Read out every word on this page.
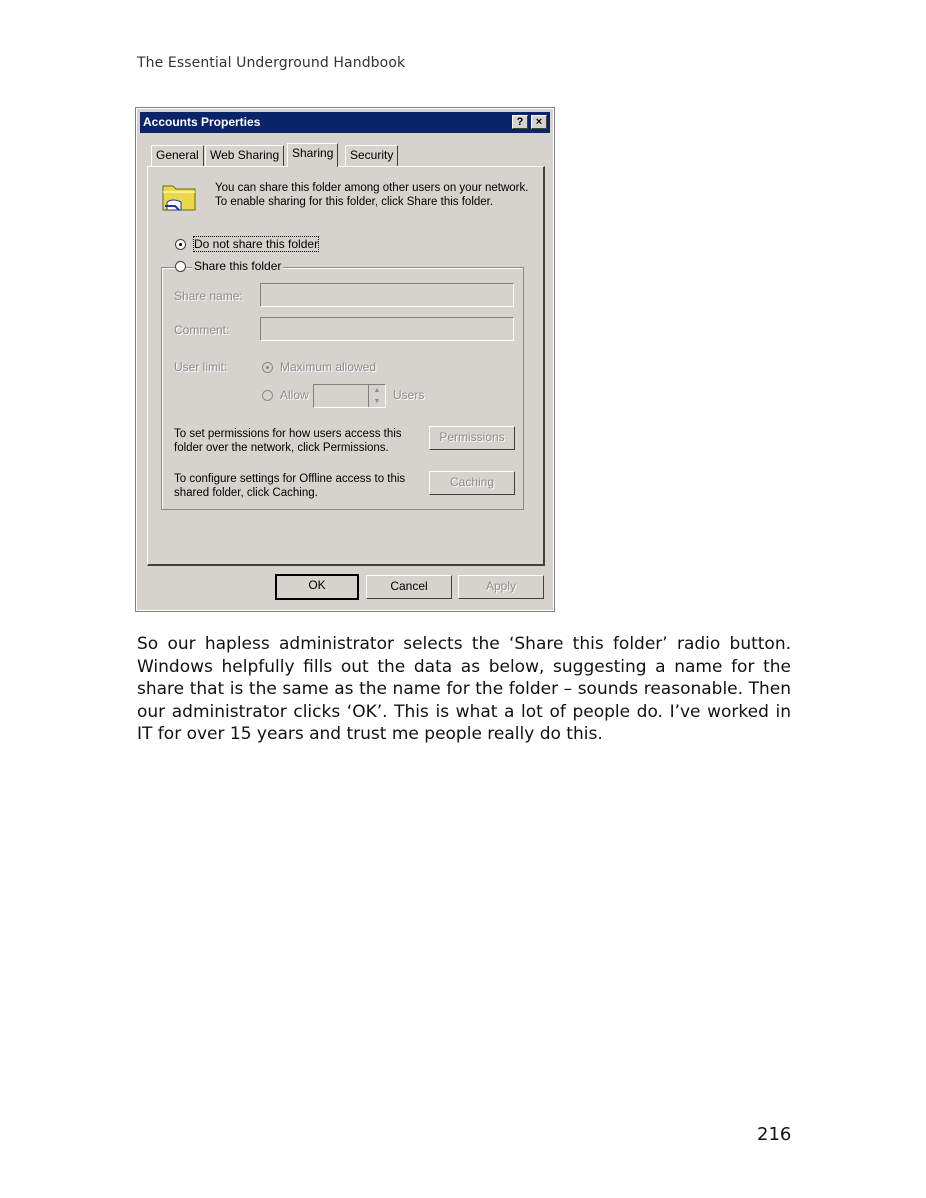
The Essential Underground Handbook
Accounts Properties	?	×
General Web Sharing	Sharing	Security
You can share this folder among other users on your network. To enable sharing for this folder, click Share this folder.
Do not share this folder
Share this folder
Share name:
Comment:
User limit:	Maximum allowed
Allow	▲
▼	Users
To set permissions for how users access this folder over the network, click Permissions.
Permissions
To configure settings for Offline access to this shared folder, click Caching.
Caching
OK	Cancel	Apply
So our hapless administrator selects the ‘Share this folder’ radio button. Windows helpfully fills out the data as below, suggesting a name for the share that is the same as the name for the folder – sounds reasonable. Then our administrator clicks ‘OK’. This is what a lot of people do. I’ve worked in IT for over 15 years and trust me people really do this.
216
